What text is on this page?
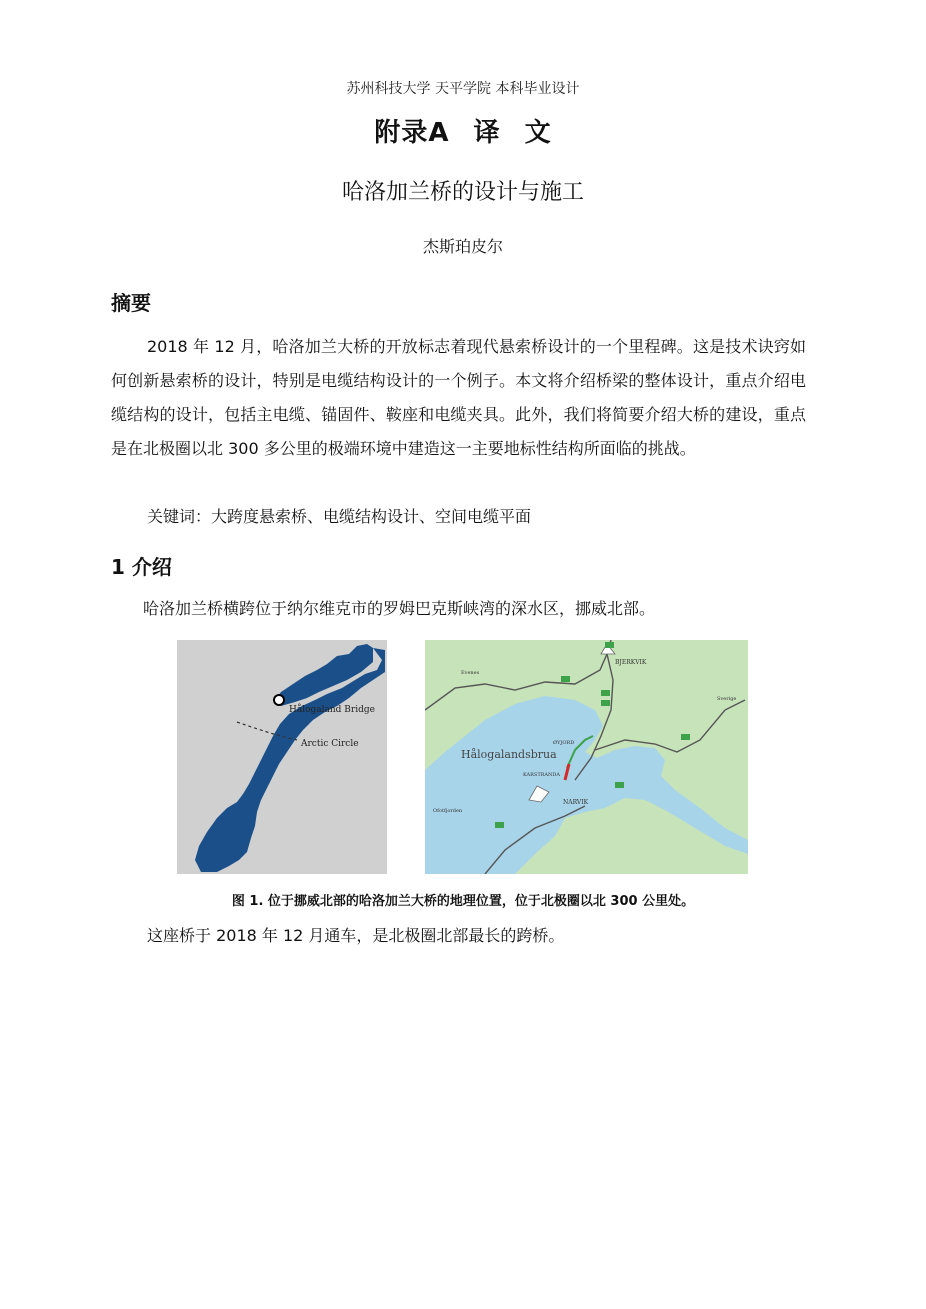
苏州科技大学 天平学院 本科毕业设计
附录A 译 文
哈洛加兰桥的设计与施工
杰斯珀皮尔
摘要
2018 年 12 月，哈洛加兰大桥的开放标志着现代悬索桥设计的一个里程碑。这是技术诀窍如何创新悬索桥的设计，特别是电缆结构设计的一个例子。本文将介绍桥梁的整体设计，重点介绍电缆结构的设计，包括主电缆、锚固件、鞍座和电缆夹具。此外，我们将简要介绍大桥的建设，重点是在北极圈以北 300 多公里的极端环境中建造这一主要地标性结构所面临的挑战。
关键词：大跨度悬索桥、电缆结构设计、空间电缆平面
1 介绍
哈洛加兰桥横跨位于纳尔维克市的罗姆巴克斯峡湾的深水区，挪威北部。
Hålogaland Bridge
Arctic Circle
BJERKVIK
Hålogalandsbrua
NARVIK
KARSTRANDA
ØYJORD
Sverige
Evenes
Ofotfjorden
图 1. 位于挪威北部的哈洛加兰大桥的地理位置，位于北极圈以北 300 公里处。
这座桥于 2018 年 12 月通车，是北极圈北部最长的跨桥。
